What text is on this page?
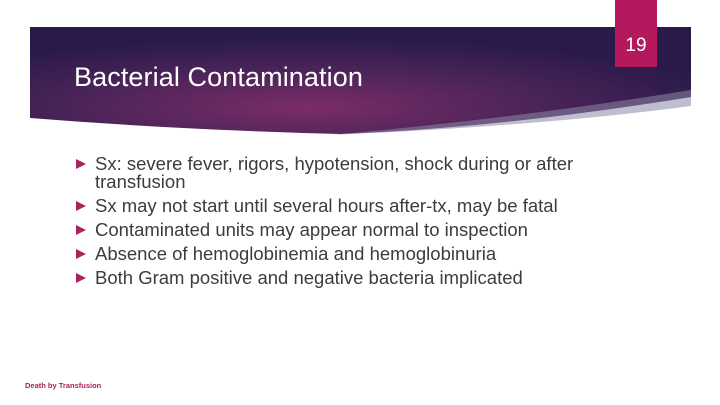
Bacterial Contamination
19
Sx: severe fever, rigors, hypotension, shock during or after transfusion
Sx may not start until several hours after-tx, may be fatal
Contaminated units may appear normal to inspection
Absence of hemoglobinemia and hemoglobinuria
Both Gram positive and negative bacteria implicated
Death by Transfusion
